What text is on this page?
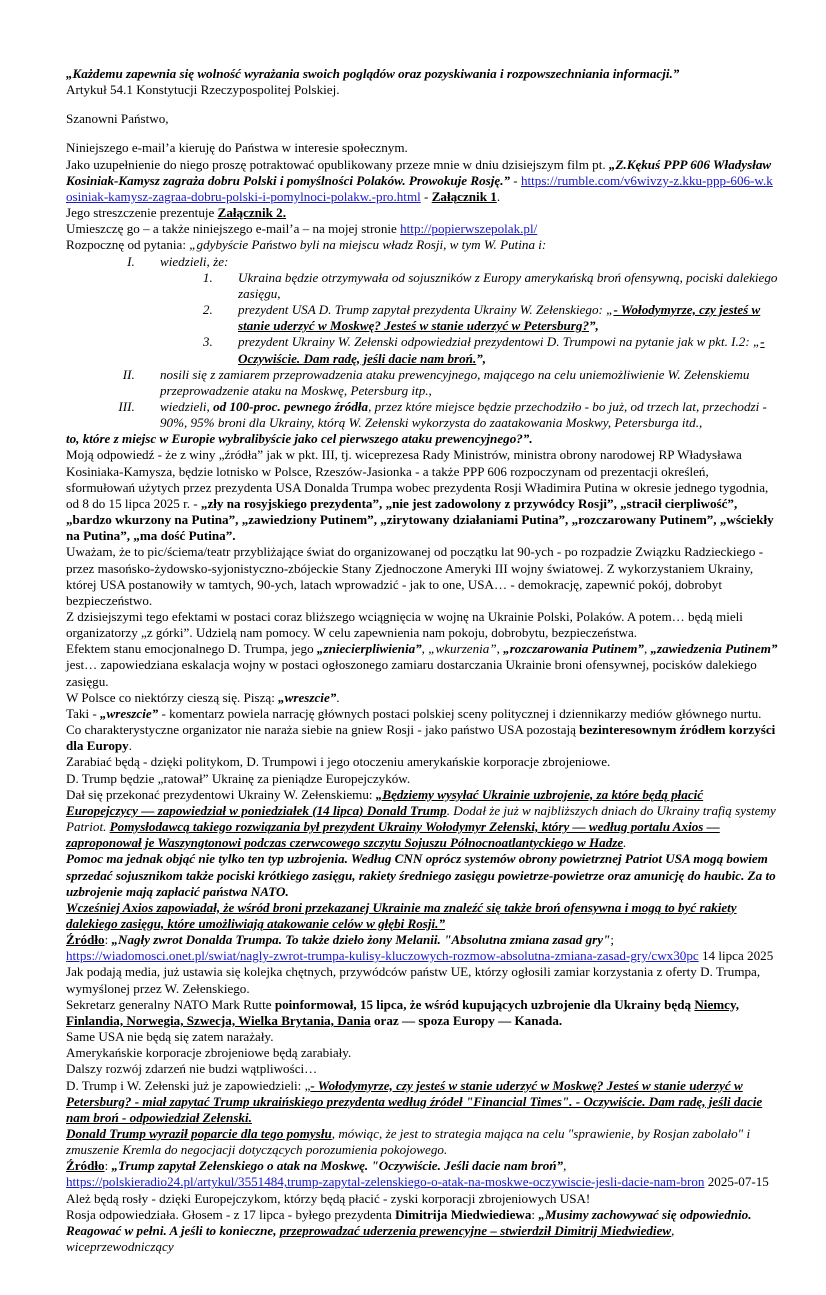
„Każdemu zapewnia się wolność wyrażania swoich poglądów oraz pozyskiwania i rozpowszechniania informacji.”

Artykuł 54.1 Konstytucji Rzeczypospolitej Polskiej.

Szanowni Państwo,

Niniejszego e-mail’a kieruję do Państwa w interesie społecznym.

Jako uzupełnienie do niego proszę potraktować opublikowany przeze mnie w dniu dzisiejszym film pt. „Z.Kękuś PPP 606 Władysław Kosiniak-Kamysz zagraża dobru Polski i pomyślności Polaków. Prowokuje Rosję.” - https://rumble.com/v6wivzy-z.kku-ppp-606-w.kosiniak-kamysz-zagraa-dobru-polski-i-pomylnoci-polakw.-pro.html - Załącznik 1.

Jego streszczenie prezentuje Załącznik 2.

Umieszczę go – a także niniejszego e-mail’a – na mojej stronie http://popierwszepolak.pl/

Rozpocznę od pytania: „gdybyście Państwo byli na miejscu władz Rosji, w tym W. Putina i:

I. wiedzieli, że:
1. Ukraina będzie otrzymywała od sojuszników z Europy amerykańską broń ofensywną, pociski dalekiego zasięgu,
2. prezydent USA D. Trump zapytał prezydenta Ukrainy W. Zełenskiego: „- Wołodymyrze, czy jesteś w stanie uderzyć w Moskwę? Jesteś w stanie uderzyć w Petersburg?”,
3. prezydent Ukrainy W. Zełenski odpowiedział prezydentowi D. Trumpowi na pytanie jak w pkt. I.2: „- Oczywiście. Dam radę, jeśli dacie nam broń.”,
II. nosili się z zamiarem przeprowadzenia ataku prewencyjnego, mającego na celu uniemożliwienie W. Zełenskiemu przeprowadzenie ataku na Moskwę, Petersburg itp.,
III. wiedzieli, od 100-proc. pewnego źródła, przez które miejsce będzie przechodziło - bo już, od trzech lat, przechodzi - 90%, 95% broni dla Ukrainy, którą W. Zełenski wykorzysta do zaatakowania Moskwy, Petersburga itd.,

to, które z miejsc w Europie wybralibyście jako cel pierwszego ataku prewencyjnego?”.

Moją odpowiedź - że z winy „źródła” jak w pkt. III, tj. wiceprezesa Rady Ministrów, ministra obrony narodowej RP Władysława Kosiniaka-Kamysza, będzie lotnisko w Polsce, Rzeszów-Jasionka - a także PPP 606 rozpoczynam od prezentacji określeń, sformułowań użytych przez prezydenta USA Donalda Trumpa wobec prezydenta Rosji Władimira Putina w okresie jednego tygodnia, od 8 do 15 lipca 2025 r. - „zły na rosyjskiego prezydenta”, „nie jest zadowolony z przywódcy Rosji”, „stracił cierpliwość”, „bardzo wkurzony na Putina”, „zawiedziony Putinem”, „zirytowany działaniami Putina”, „rozczarowany Putinem”, „wściekły na Putina”, „ma dość Putina”.

Uważam, że to pic/ściema/teatr przybliżające świat do organizowanej od początku lat 90-ych - po rozpadzie Związku Radzieckiego - przez masońsko-żydowsko-syjonistyczno-zbójeckie Stany Zjednoczone Ameryki III wojny światowej. Z wykorzystaniem Ukrainy, której USA postanowiły w tamtych, 90-ych, latach wprowadzić - jak to one, USA… - demokrację, zapewnić pokój, dobrobyt bezpieczeństwo.

Z dzisiejszymi tego efektami w postaci coraz bliższego wciągnięcia w wojnę na Ukrainie Polski, Polaków. A potem… będą mieli organizatorzy „z górki”. Udzielą nam pomocy. W celu zapewnienia nam pokoju, dobrobytu, bezpieczeństwa.

Efektem stanu emocjonalnego D. Trumpa, jego „zniecierpliwienia”, „wkurzenia”, „rozczarowania Putinem”, „zawiedzenia Putinem” jest… zapowiedziana eskalacja wojny w postaci ogłoszonego zamiaru dostarczania Ukrainie broni ofensywnej, pocisków dalekiego zasięgu.

W Polsce co niektórzy cieszą się. Piszą: „wreszcie”.

Taki - „wreszcie” - komentarz powiela narrację głównych postaci polskiej sceny politycznej i dziennikarzy mediów głównego nurtu.

Co charakterystyczne organizator nie naraża siebie na gniew Rosji - jako państwo USA pozostają bezinteresownym źródłem korzyści dla Europy.

Zarabiać będą - dzięki politykom, D. Trumpowi i jego otoczeniu amerykańskie korporacje zbrojeniowe.

D. Trump będzie „ratował” Ukrainę za pieniądze Europejczyków.

Dał się przekonać prezydentowi Ukrainy W. Zełenskiemu: „Będziemy wysyłać Ukrainie uzbrojenie, za które będą płacić Europejczycy — zapowiedział w poniedziałek (14 lipca) Donald Trump. Dodał że już w najbliższych dniach do Ukrainy trafią systemy Patriot. Pomysłodawcą takiego rozwiązania był prezydent Ukrainy Wołodymyr Zełenski, który — według portalu Axios — zaproponował je Waszyngtonowi podczas czerwcowego szczytu Sojuszu Północnoatlantyckiego w Hadze.

Pomoc ma jednak objąć nie tylko ten typ uzbrojenia. Według CNN oprócz systemów obrony powietrznej Patriot USA mogą bowiem sprzedać sojusznikom także pociski krótkiego zasięgu, rakiety średniego zasięgu powietrze-powietrze oraz amunicję do haubic. Za to uzbrojenie mają zapłacić państwa NATO.

Wcześniej Axios zapowiadał, że wśród broni przekazanej Ukrainie ma znaleźć się także broń ofensywna i mogą to być rakiety dalekiego zasięgu, które umożliwiają atakowanie celów w głębi Rosji.”

Źródło: „Nagły zwrot Donalda Trumpa. To także dzieło żony Melanii. "Absolutna zmiana zasad gry";

https://wiadomosci.onet.pl/swiat/nagly-zwrot-trumpa-kulisy-kluczowych-rozmow-absolutna-zmiana-zasad-gry/cwx30pc 14 lipca 2025

Jak podają media, już ustawia się kolejka chętnych, przywódców państw UE, którzy ogłosili zamiar korzystania z oferty D. Trumpa, wymyślonej przez W. Zełenskiego.

Sekretarz generalny NATO Mark Rutte poinformował, 15 lipca, że wśród kupujących uzbrojenie dla Ukrainy będą Niemcy, Finlandia, Norwegia, Szwecja, Wielka Brytania, Dania oraz — spoza Europy — Kanada.

Same USA nie będą się zatem narażały.

Amerykańskie korporacje zbrojeniowe będą zarabiały.

Dalszy rozwój zdarzeń nie budzi wątpliwości…

D. Trump i W. Zełenski już je zapowiedzieli: „- Wołodymyrze, czy jesteś w stanie uderzyć w Moskwę? Jesteś w stanie uderzyć w Petersburg? - miał zapytać Trump ukraińskiego prezydenta według źródeł "Financial Times". - Oczywiście. Dam radę, jeśli dacie nam broń - odpowiedział Zełenski.

Donald Trump wyraził poparcie dla tego pomysłu, mówiąc, że jest to strategia mająca na celu "sprawienie, by Rosjan zabolało" i zmuszenie Kremla do negocjacji dotyczących porozumienia pokojowego.

Źródło: „Trump zapytał Zełenskiego o atak na Moskwę. "Oczywiście. Jeśli dacie nam broń”,

https://polskieradio24.pl/artykul/3551484,trump-zapytal-zelenskiego-o-atak-na-moskwe-oczywiscie-jesli-dacie-nam-bron 2025-07-15

Ależ będą rosły - dzięki Europejczykom, którzy będą płacić - zyski korporacji zbrojeniowych USA!

Rosja odpowiedziała. Głosem - z 17 lipca - byłego prezydenta Dimitrija Miedwiediewa: „Musimy zachowywać się odpowiednio. Reagować w pełni. A jeśli to konieczne, przeprowadzać uderzenia prewencyjne – stwierdził Dimitrij Miedwiediew, wiceprzewodniczący
